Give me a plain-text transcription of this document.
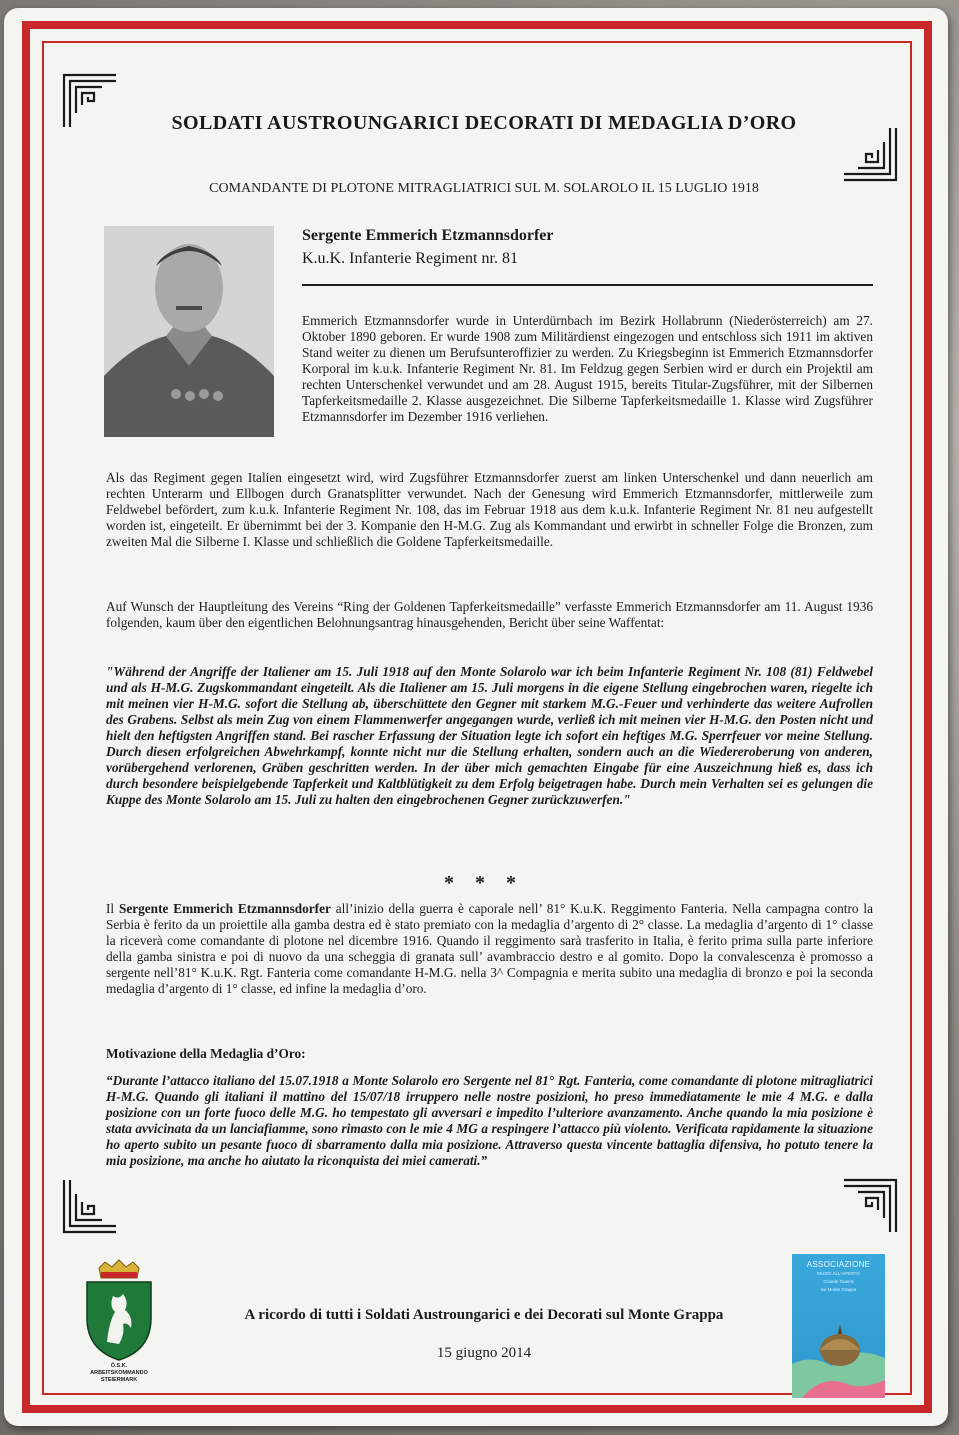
SOLDATI AUSTROUNGARICI DECORATI DI MEDAGLIA D’ORO

COMANDANTE DI PLOTONE MITRAGLIATRICI SUL M. SOLAROLO IL 15 LUGLIO 1918

Sergente Emmerich Etzmannsdorfer

K.u.K. Infanterie Regiment nr. 81

Emmerich Etzmannsdorfer wurde in Unterdürnbach im Bezirk Hollabrunn (Niederösterreich) am 27. Oktober 1890 geboren. Er wurde 1908 zum Militärdienst eingezogen und entschloss sich 1911 im aktiven Stand weiter zu dienen um Berufsunteroffizier zu werden. Zu Kriegsbeginn ist Emmerich Etzmannsdorfer Korporal im k.u.k. Infanterie Regiment Nr. 81. Im Feldzug gegen Serbien wird er durch ein Projektil am rechten Unterschenkel verwundet und am 28. August 1915, bereits Titular-Zugsführer, mit der Silbernen Tapferkeitsmedaille 2. Klasse ausgezeichnet. Die Silberne Tapferkeitsmedaille 1. Klasse wird Zugsführer Etzmannsdorfer im Dezember 1916 verliehen.

Als das Regiment gegen Italien eingesetzt wird, wird Zugsführer Etzmannsdorfer zuerst am linken Unterschenkel und dann neuerlich am rechten Unterarm und Ellbogen durch Granatsplitter verwundet. Nach der Genesung wird Emmerich Etzmannsdorfer, mittlerweile zum Feldwebel befördert, zum k.u.k. Infanterie Regiment Nr. 108, das im Februar 1918 aus dem k.u.k. Infanterie Regiment Nr. 81 neu aufgestellt worden ist, eingeteilt. Er übernimmt bei der 3. Kompanie den H-M.G. Zug als Kommandant und erwirbt in schneller Folge die Bronzen, zum zweiten Mal die Silberne I. Klasse und schließlich die Goldene Tapferkeitsmedaille.

Auf Wunsch der Hauptleitung des Vereins “Ring der Goldenen Tapferkeitsmedaille” verfasste Emmerich Etzmannsdorfer am 11. August 1936 folgenden, kaum über den eigentlichen Belohnungsantrag hinausgehenden, Bericht über seine Waffentat:

"Während der Angriffe der Italiener am 15. Juli 1918 auf den Monte Solarolo war ich beim Infanterie Regiment Nr. 108 (81) Feldwebel und als H-M.G. Zugskommandant eingeteilt. Als die Italiener am 15. Juli morgens in die eigene Stellung eingebrochen waren, riegelte ich mit meinen vier H-M.G. sofort die Stellung ab, überschüttete den Gegner mit starkem M.G.-Feuer und verhinderte das weitere Aufrollen des Grabens. Selbst als mein Zug von einem Flammenwerfer angegangen wurde, verließ ich mit meinen vier H-M.G. den Posten nicht und hielt den heftigsten Angriffen stand. Bei rascher Erfassung der Situation legte ich sofort ein heftiges M.G. Sperrfeuer vor meine Stellung. Durch diesen erfolgreichen Abwehrkampf, konnte nicht nur die Stellung erhalten, sondern auch an die Wiedereroberung von anderen, vorübergehend verlorenen, Gräben geschritten werden. In der über mich gemachten Eingabe für eine Auszeichnung hieß es, dass ich durch besondere beispielgebende Tapferkeit und Kaltblütigkeit zu dem Erfolg beigetragen habe. Durch mein Verhalten sei es gelungen die Kuppe des Monte Solarolo am 15. Juli zu halten den eingebrochenen Gegner zurückzuwerfen."

* * *

Il Sergente Emmerich Etzmannsdorfer all’inizio della guerra è caporale nell’ 81° K.u.K. Reggimento Fanteria. Nella campagna contro la Serbia è ferito da un proiettile alla gamba destra ed è stato premiato con la medaglia d’argento di 2° classe. La medaglia d’argento di 1° classe la riceverà come comandante di plotone nel dicembre 1916. Quando il reggimento sarà trasferito in Italia, è ferito prima sulla parte inferiore della gamba sinistra e poi di nuovo da una scheggia di granata sull’ avambraccio destro e al gomito. Dopo la convalescenza è promosso a sergente nell’81° K.u.K. Rgt. Fanteria come comandante H-M.G. nella 3^ Compagnia e merita subito una medaglia di bronzo e poi la seconda medaglia d’argento di 1° classe, ed infine la medaglia d’oro.

Motivazione della Medaglia d’Oro:

“Durante l’attacco italiano del 15.07.1918 a Monte Solarolo ero Sergente nel 81° Rgt. Fanteria, come comandante di plotone mitragliatrici H-M.G. Quando gli italiani il mattino del 15/07/18 irruppero nelle nostre posizioni, ho preso immediatamente le mie 4 M.G. e dalla posizione con un forte fuoco delle M.G. ho tempestato gli avversari e impedito l’ulteriore avanzamento. Anche quando la mia posizione è stata avvicinata da un lanciafiamme, sono rimasto con le mie 4 MG a respingere l’attacco più violento. Verificata rapidamente la situazione ho aperto subito un pesante fuoco di sbarramento dalla mia posizione. Attraverso questa vincente battaglia difensiva, ho potuto tenere la mia posizione, ma anche ho aiutato la riconquista dei miei camerati.”

Ö.S.K.

ARBEITSKOMMANDO

STEIERMARK

A ricordo di tutti i Soldati Austroungarici e dei Decorati sul Monte Grappa

15 giugno 2014

ASSOCIAZIONE

MUSEI ALL'APERTO

Grande Guerra

sul Monte Grappa
